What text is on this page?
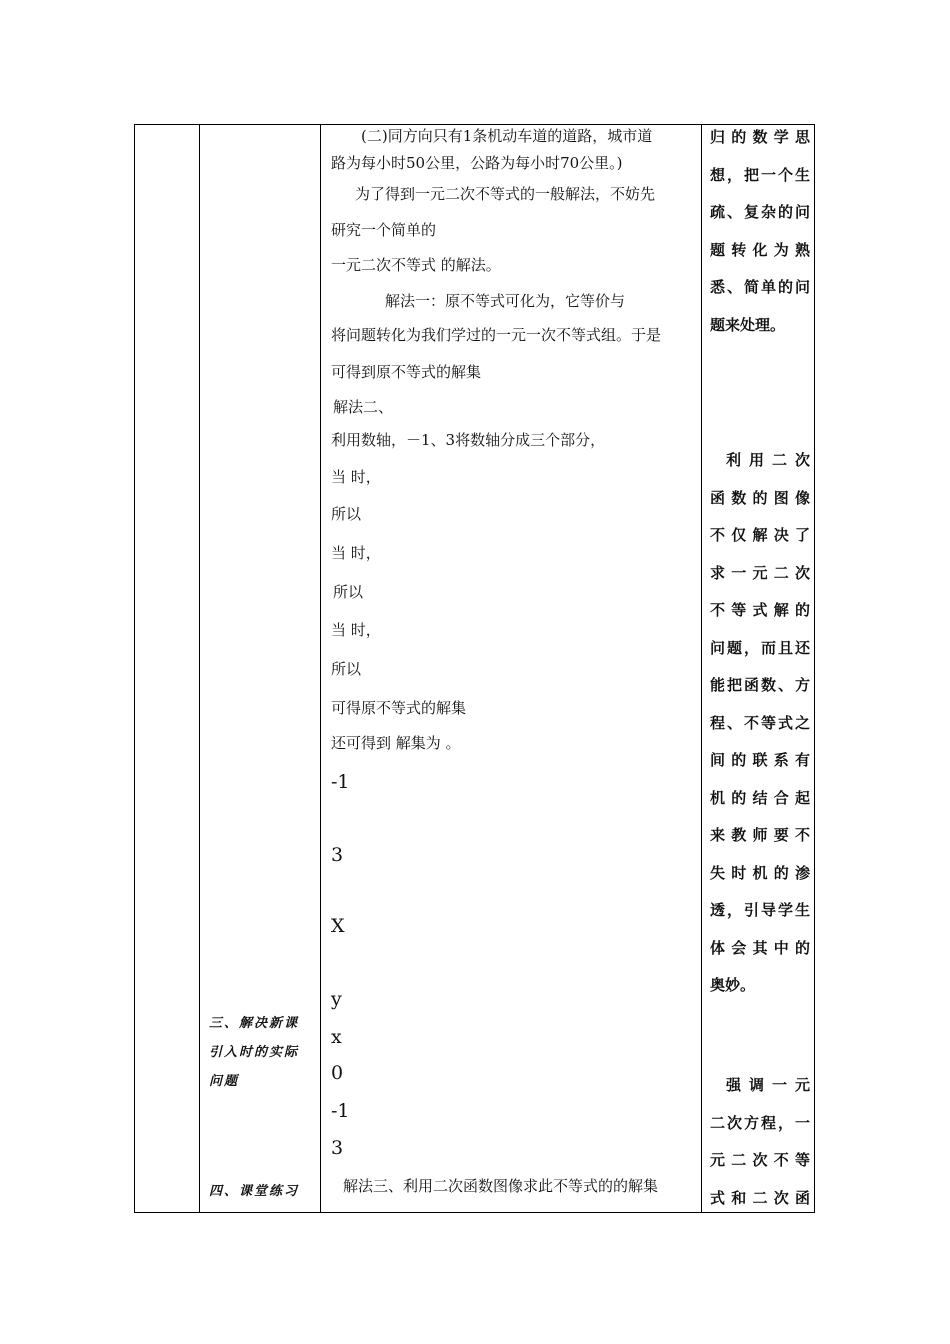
三、解决新课
引入时的实际
问题
四、课堂练习
(二)同方向只有1条机动车道的道路，城市道
路为每小时50公里，公路为每小时70公里。)
为了得到一元二次不等式的一般解法，不妨先
研究一个简单的
一元二次不等式 的解法。
解法一：原不等式可化为，它等价与
将问题转化为我们学过的一元一次不等式组。于是
可得到原不等式的解集
解法二、
利用数轴，－1、3将数轴分成三个部分，
当 时，
所以
当 时，
所以
当 时，
所以
可得原不等式的解集
还可得到 解集为 。
-1
3
X
y
x
0
-1
3
解法三、利用二次函数图像求此不等式的的解集
归的数学思
想，把一个生
疏、复杂的问
题转化为熟
悉、简单的问
题来处理。
利用二次
函数的图像
不仅解决了
求一元二次
不等式解的
问题，而且还
能把函数、方
程、不等式之
间的联系有
机的结合起
来教师要不
失时机的渗
透，引导学生
体会其中的
奥妙。
强调一元
二次方程，一
元二次不等
式和二次函
